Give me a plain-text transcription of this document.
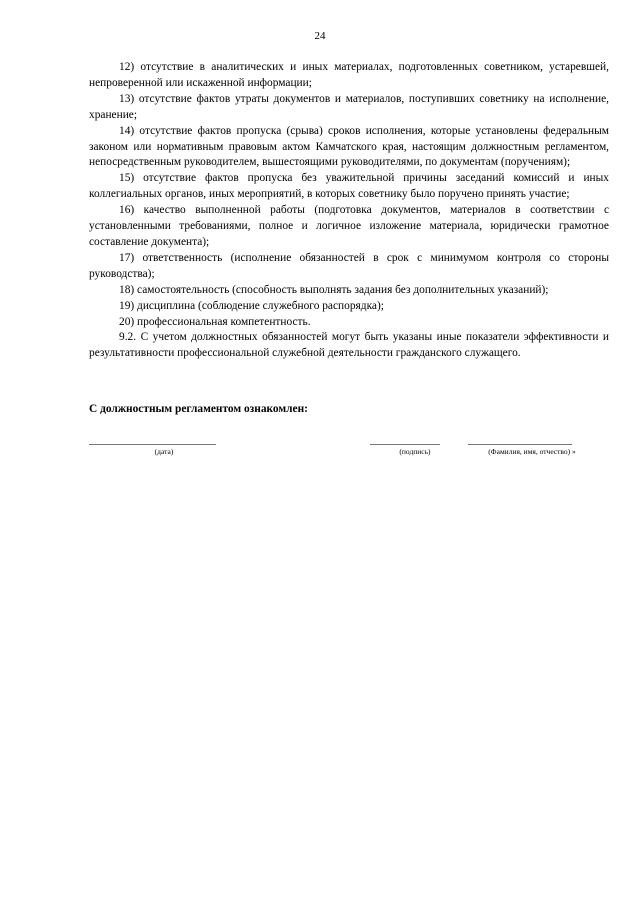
24

12) отсутствие в аналитических и иных материалах, подготовленных советником, устаревшей, непроверенной или искаженной информации;

13) отсутствие фактов утраты документов и материалов, поступивших советнику на исполнение, хранение;

14) отсутствие фактов пропуска (срыва) сроков исполнения, которые установлены федеральным законом или нормативным правовым актом Камчатского края, настоящим должностным регламентом, непосредственным руководителем, вышестоящими руководителями, по документам (поручениям);

15) отсутствие фактов пропуска без уважительной причины заседаний комиссий и иных коллегиальных органов, иных мероприятий, в которых советнику было поручено принять участие;

16) качество выполненной работы (подготовка документов, материалов в соответствии с установленными требованиями, полное и логичное изложение материала, юридически грамотное составление документа);

17) ответственность (исполнение обязанностей в срок с минимумом контроля со стороны руководства);

18) самостоятельность (способность выполнять задания без дополнительных указаний);

19) дисциплина (соблюдение служебного распорядка);

20) профессиональная компетентность.

9.2. С учетом должностных обязанностей могут быть указаны иные показатели эффективности и результативности профессиональной служебной деятельности гражданского служащего.

С должностным регламентом ознакомлен:

(дата)	(подпись)	(Фамилия, имя, отчество) »
